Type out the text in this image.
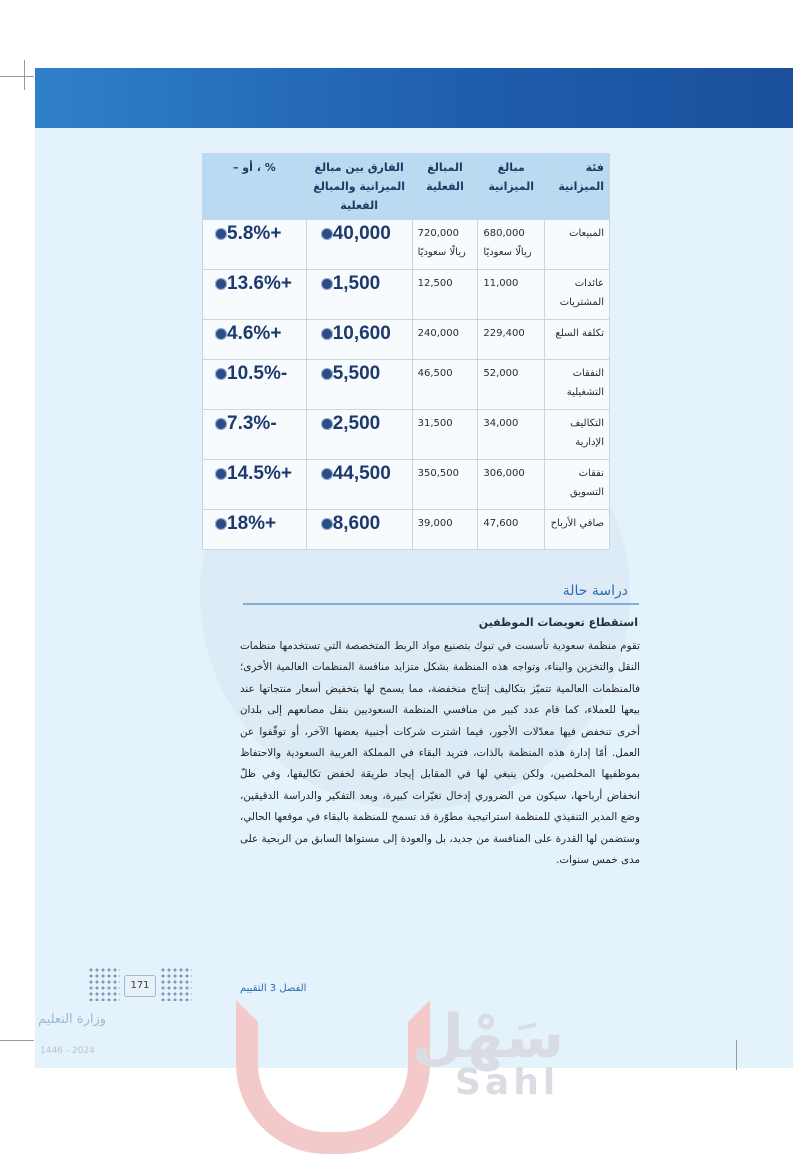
سَهْل
Sahl
فئة الميزانية	مبالغ الميزانية	المبالغ الفعلية	الفارق بين مبالغ الميزانية والمبالغ الفعلية	% ، أو –
المبيعات	680,000 ريالًا سعوديًا	720,000 ريالًا سعوديًا	40,000	+5.8%
عائدات المشتريات	11,000	12,500	1,500	+13.6%
تكلفة السلع	229,400	240,000	10,600	+4.6%
النفقات التشغيلية	52,000	46,500	5,500	-10.5%
التكاليف الإدارية	34,000	31,500	2,500	-7.3%
نفقات التسويق	306,000	350,500	44,500	+14.5%
صافي الأرباح	47,600	39,000	8,600	+18%
دراسة حالة
استقطاع تعويضات الموظفين
تقوم منظمة سعودية تأسست في تبوك بتصنيع مواد الربط المتخصصة التي تستخدمها منظمات النقل والتخزين والبناء، وتواجه هذه المنظمة بشكل متزايد منافسة المنظمات العالمية الأخرى؛ فالمنظمات العالمية تتميّز بتكاليف إنتاج منخفضة، مما يسمح لها بتخفيض أسعار منتجاتها عند بيعها للعملاء، كما قام عدد كبير من منافسي المنظمة السعوديين بنقل مصانعهم إلى بلدان أخرى تنخفض فيها معدّلات الأجور، فيما اشترت شركات أجنبية بعضها الآخر، أو توقّفوا عن العمل. أمّا إدارة هذه المنظمة بالذات، فتريد البقاء في المملكة العربية السعودية والاحتفاظ بموظفيها المخلصين، ولكن ينبغي لها في المقابل إيجاد طريقة لخفض تكاليفها، وفي ظلّ انخفاض أرباحها، سيكون من الضروري إدخال تغيّرات كبيرة، وبعد التفكير والدراسة الدقيقين، وضع المدير التنفيذي للمنظمة استراتيجية مطوّرة قد تسمح للمنظمة بالبقاء في موقعها الحالي، وستضمن لها القدرة على المنافسة من جديد، بل والعودة إلى مستواها السابق من الربحية على مدى خمس سنوات.
171	الفصل 3 التقييم
وزارة التعليم
1446 - 2024
